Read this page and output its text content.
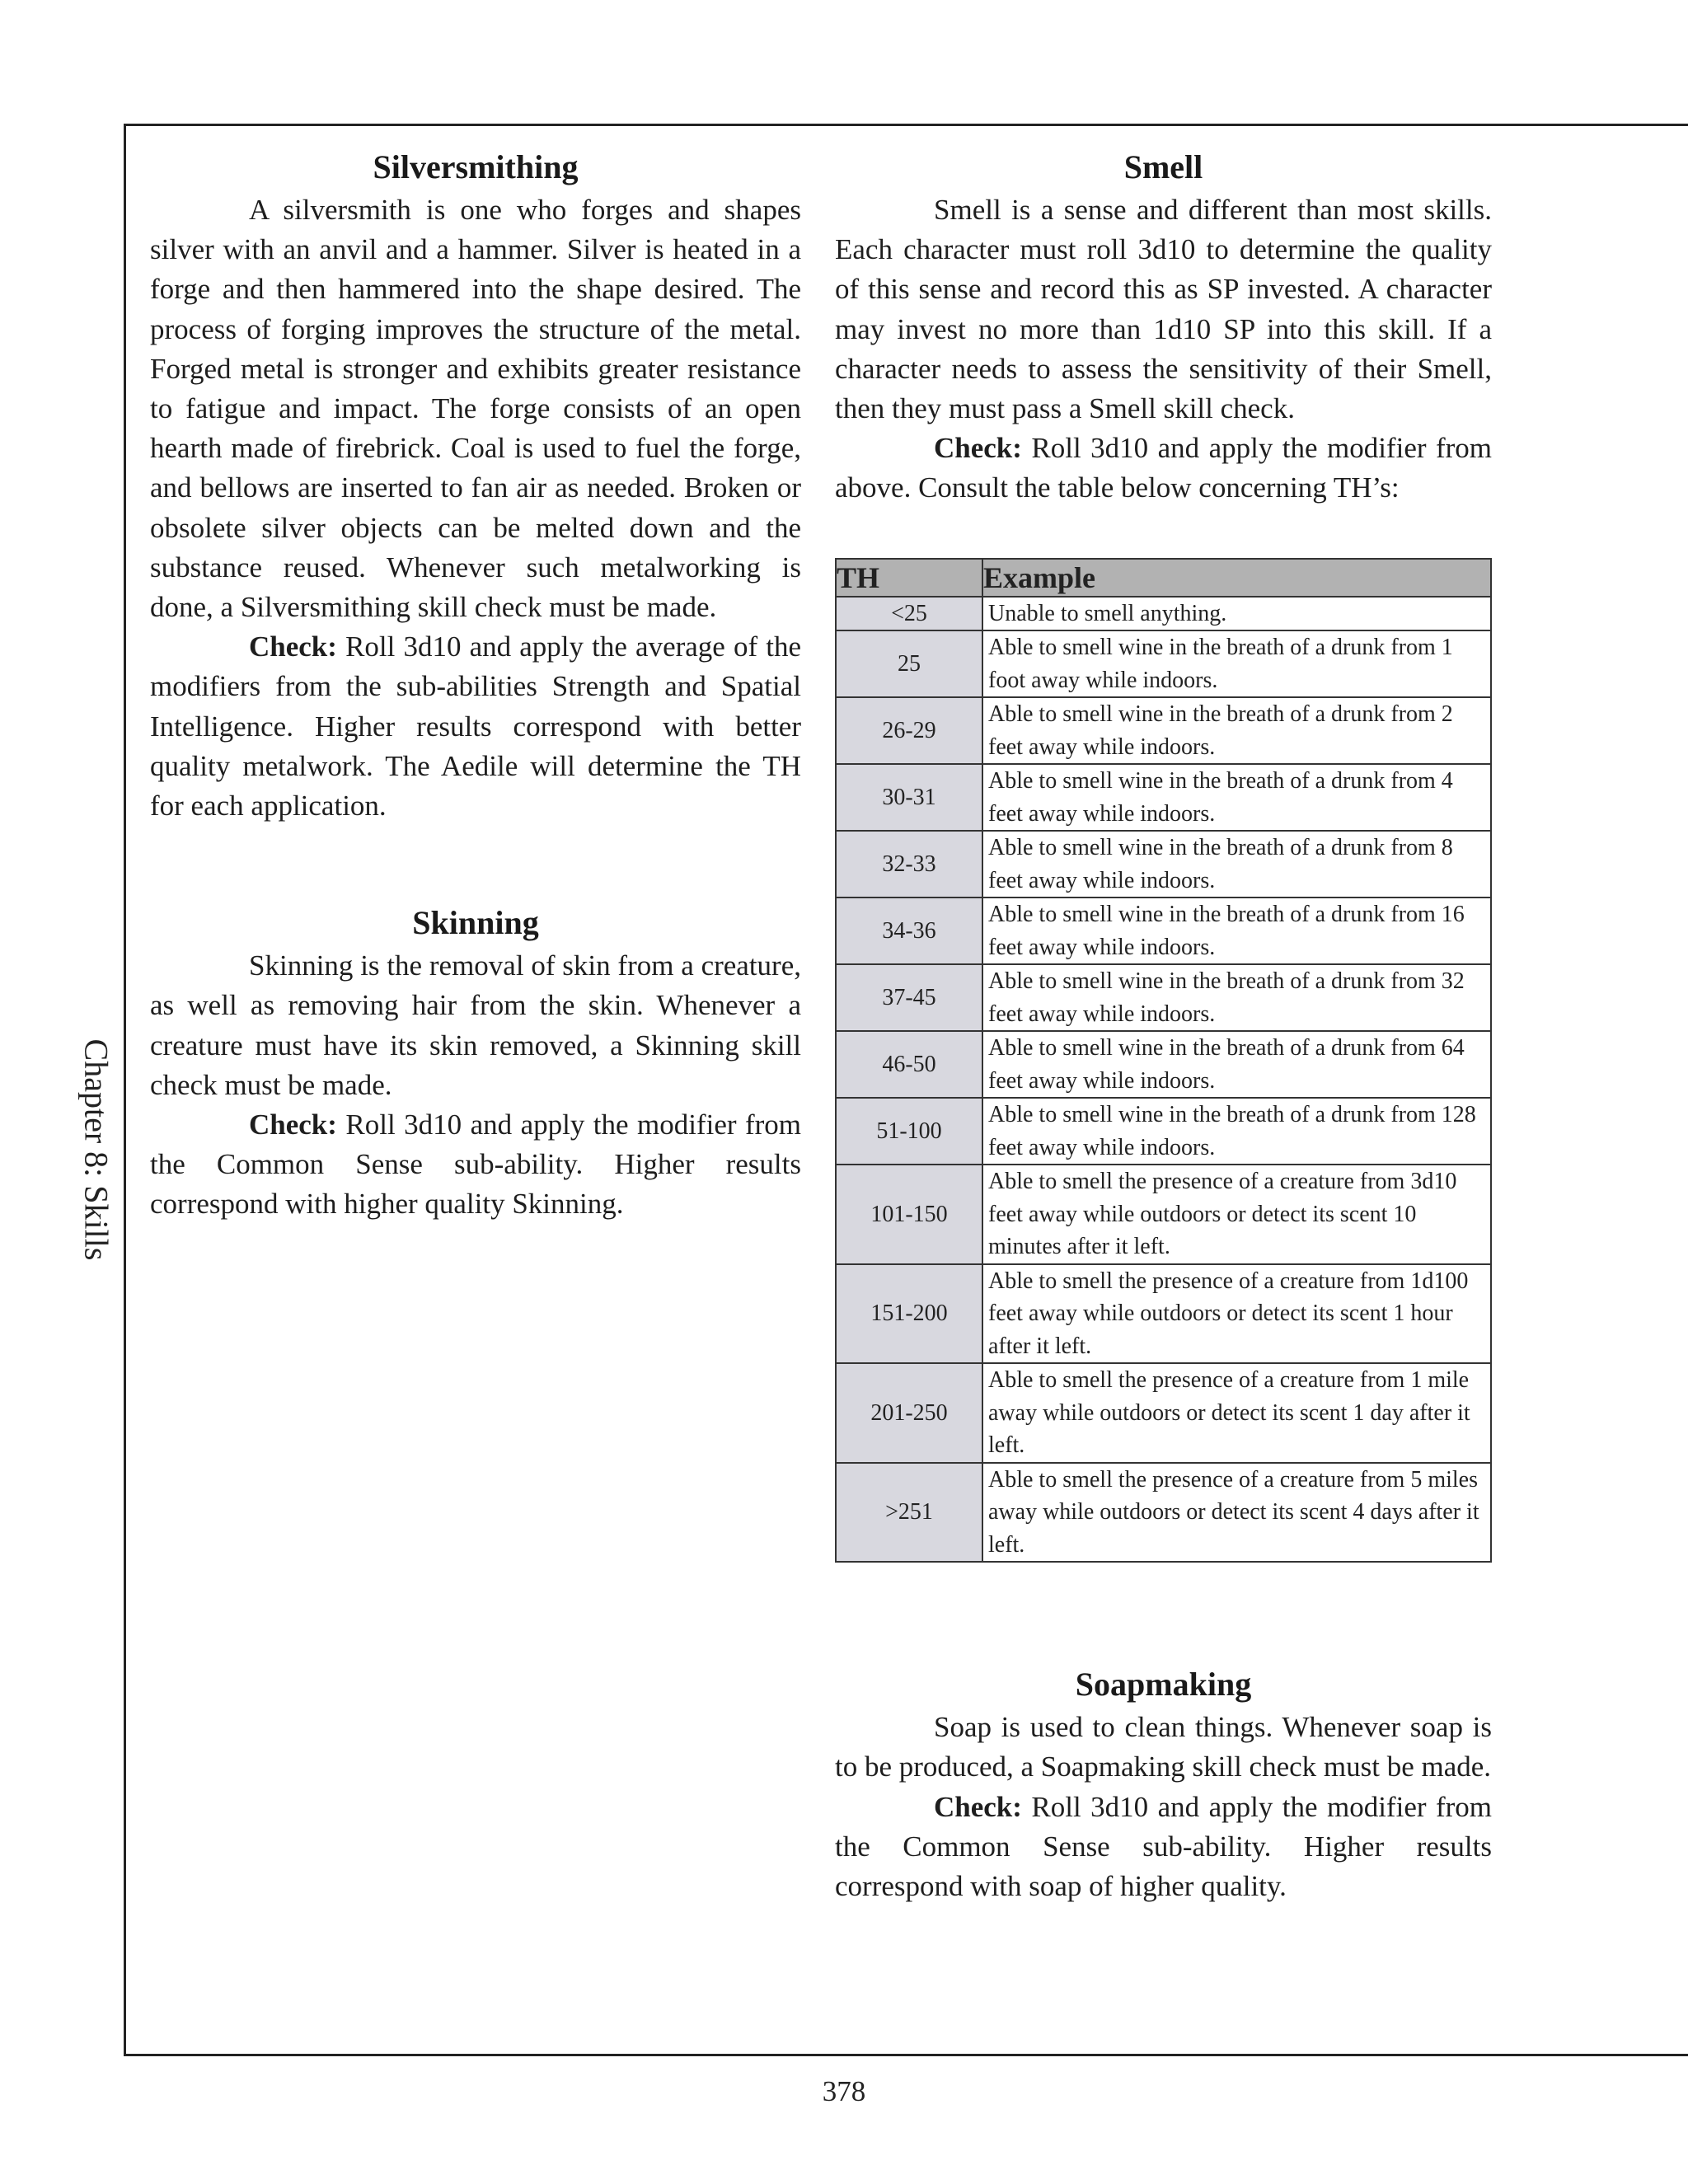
Chapter 8: Skills
Silversmithing

A silversmith is one who forges and shapes silver with an anvil and a hammer. Silver is heated in a forge and then hammered into the shape desired. The process of forging improves the structure of the metal. Forged metal is stronger and exhibits greater resistance to fatigue and impact. The forge consists of an open hearth made of firebrick. Coal is used to fuel the forge, and bellows are inserted to fan air as needed. Broken or obsolete silver objects can be melted down and the substance reused. Whenever such metalworking is done, a Silversmithing skill check must be made.

Check: Roll 3d10 and apply the average of the modifiers from the sub-abilities Strength and Spatial Intelligence. Higher results correspond with better quality metalwork. The Aedile will determine the TH for each application.

Skinning

Skinning is the removal of skin from a creature, as well as removing hair from the skin. Whenever a creature must have its skin removed, a Skinning skill check must be made.

Check: Roll 3d10 and apply the modifier from the Common Sense sub-ability. Higher results correspond with higher quality Skinning.

Smell

Smell is a sense and different than most skills. Each character must roll 3d10 to determine the quality of this sense and record this as SP invested. A character may invest no more than 1d10 SP into this skill. If a character needs to assess the sensitivity of their Smell, then they must pass a Smell skill check.

Check: Roll 3d10 and apply the modifier from above. Consult the table below concerning TH’s:

TH	Example
<25	Unable to smell anything.
25	Able to smell wine in the breath of a drunk from 1 foot away while indoors.
26-29	Able to smell wine in the breath of a drunk from 2 feet away while indoors.
30-31	Able to smell wine in the breath of a drunk from 4 feet away while indoors.
32-33	Able to smell wine in the breath of a drunk from 8 feet away while indoors.
34-36	Able to smell wine in the breath of a drunk from 16 feet away while indoors.
37-45	Able to smell wine in the breath of a drunk from 32 feet away while indoors.
46-50	Able to smell wine in the breath of a drunk from 64 feet away while indoors.
51-100	Able to smell wine in the breath of a drunk from 128 feet away while indoors.
101-150	Able to smell the presence of a creature from 3d10 feet away while outdoors or detect its scent 10 minutes after it left.
151-200	Able to smell the presence of a creature from 1d100 feet away while outdoors or detect its scent 1 hour after it left.
201-250	Able to smell the presence of a creature from 1 mile away while outdoors or detect its scent 1 day after it left.
>251	Able to smell the presence of a creature from 5 miles away while outdoors or detect its scent 4 days after it left.
Soapmaking

Soap is used to clean things. Whenever soap is to be produced, a Soapmaking skill check must be made.

Check: Roll 3d10 and apply the modifier from the Common Sense sub-ability. Higher results correspond with soap of higher quality.

378
